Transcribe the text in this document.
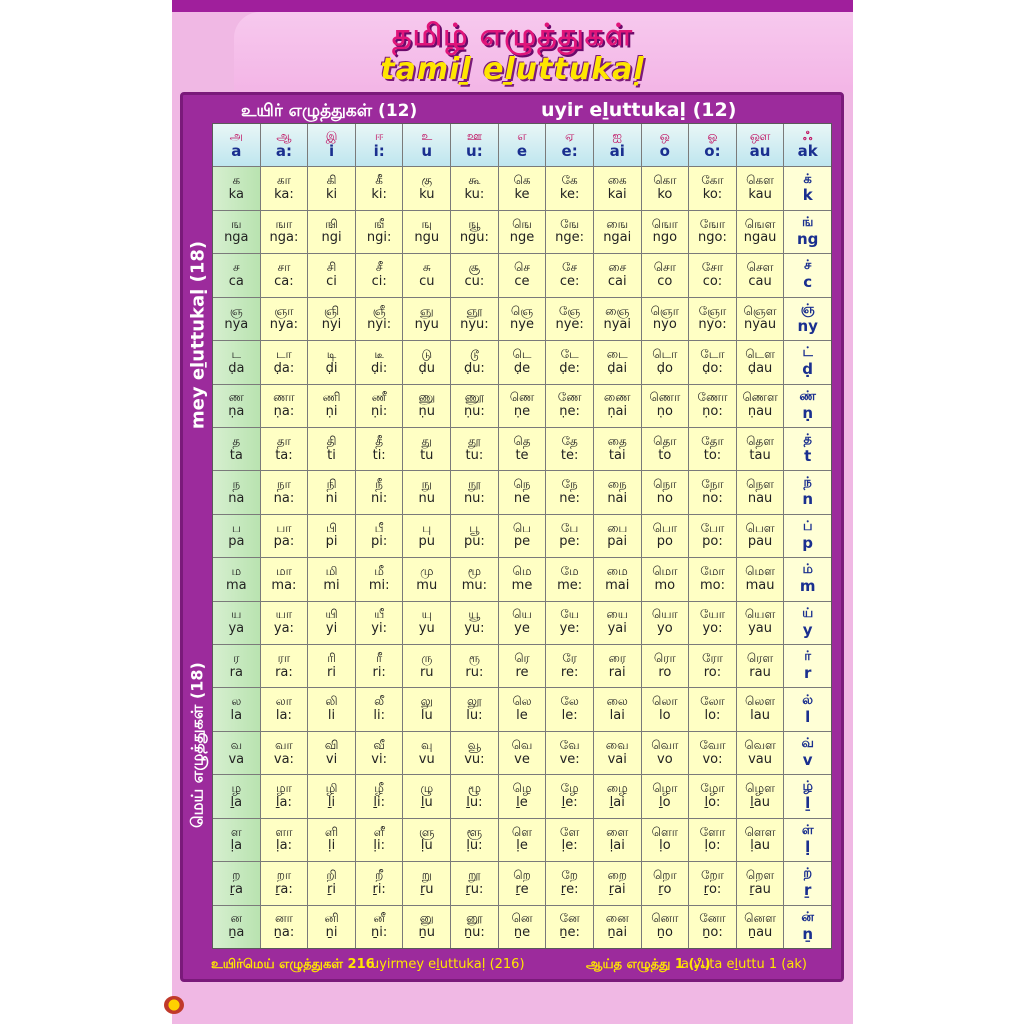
தமிழ் எழுத்துகள்
tamiḻ eḻuttukaḷ
உயிர் எழுத்துகள் (12)	uyir eḻuttukaḷ (12)
mey eḻuttukaḷ (18)
மெய் எழுத்துகள் (18)
அ
a
ஆ
a:
இ
i
ஈ
i:
உ
u
ஊ
u:
எ
e
ஏ
e:
ஐ
ai
ஒ
o
ஓ
o:
ஔ
au
ஃ
ak
க
ka
கா
ka:
கி
ki
கீ
ki:
கு
ku
கூ
ku:
கெ
ke
கே
ke:
கை
kai
கொ
ko
கோ
ko:
கௌ
kau
க்
k
ங
nga
ஙா
nga:
ஙி
ngi
ஙீ
ngi:
ஙு
ngu
ஙூ
ngu:
ஙெ
nge
ஙே
nge:
ஙை
ngai
ஙொ
ngo
ஙோ
ngo:
ஙௌ
ngau
ங்
ng
ச
ca
சா
ca:
சி
ci
சீ
ci:
சு
cu
சூ
cu:
செ
ce
சே
ce:
சை
cai
சொ
co
சோ
co:
சௌ
cau
ச்
c
ஞ
nya
ஞா
nya:
ஞி
nyi
ஞீ
nyi:
ஞு
nyu
ஞூ
nyu:
ஞெ
nye
ஞே
nye:
ஞை
nyai
ஞொ
nyo
ஞோ
nyo:
ஞௌ
nyau
ஞ்
ny
ட
ḍa
டா
ḍa:
டி
ḍi
டீ
ḍi:
டு
ḍu
டூ
ḍu:
டெ
ḍe
டே
ḍe:
டை
ḍai
டொ
ḍo
டோ
ḍo:
டௌ
ḍau
ட்
ḍ
ண
ṇa
ணா
ṇa:
ணி
ṇi
ணீ
ṇi:
ணு
ṇu
ணூ
ṇu:
ணெ
ṇe
ணே
ṇe:
ணை
ṇai
ணொ
ṇo
ணோ
ṇo:
ணௌ
ṇau
ண்
ṇ
த
ta
தா
ta:
தி
ti
தீ
ti:
து
tu
தூ
tu:
தெ
te
தே
te:
தை
tai
தொ
to
தோ
to:
தௌ
tau
த்
t
ந
na
நா
na:
நி
ni
நீ
ni:
நு
nu
நூ
nu:
நெ
ne
நே
ne:
நை
nai
நொ
no
நோ
no:
நௌ
nau
ந்
n
ப
pa
பா
pa:
பி
pi
பீ
pi:
பு
pu
பூ
pu:
பெ
pe
பே
pe:
பை
pai
பொ
po
போ
po:
பௌ
pau
ப்
p
ம
ma
மா
ma:
மி
mi
மீ
mi:
மு
mu
மூ
mu:
மெ
me
மே
me:
மை
mai
மொ
mo
மோ
mo:
மௌ
mau
ம்
m
ய
ya
யா
ya:
யி
yi
யீ
yi:
யு
yu
யூ
yu:
யெ
ye
யே
ye:
யை
yai
யொ
yo
யோ
yo:
யௌ
yau
ய்
y
ர
ra
ரா
ra:
ரி
ri
ரீ
ri:
ரு
ru
ரூ
ru:
ரெ
re
ரே
re:
ரை
rai
ரொ
ro
ரோ
ro:
ரௌ
rau
ர்
r
ல
la
லா
la:
லி
li
லீ
li:
லு
lu
லூ
lu:
லெ
le
லே
le:
லை
lai
லொ
lo
லோ
lo:
லௌ
lau
ல்
l
வ
va
வா
va:
வி
vi
வீ
vi:
வு
vu
வூ
vu:
வெ
ve
வே
ve:
வை
vai
வொ
vo
வோ
vo:
வௌ
vau
வ்
v
ழ
ḻa
ழா
ḻa:
ழி
ḻi
ழீ
ḻi:
ழு
ḻu
ழூ
ḻu:
ழெ
ḻe
ழே
ḻe:
ழை
ḻai
ழொ
ḻo
ழோ
ḻo:
ழௌ
ḻau
ழ்
ḻ
ள
ḷa
ளா
ḷa:
ளி
ḷi
ளீ
ḷi:
ளு
ḷu
ளூ
ḷu:
ளெ
ḷe
ளே
ḷe:
ளை
ḷai
ளொ
ḷo
ளோ
ḷo:
ளௌ
ḷau
ள்
ḷ
ற
ṟa
றா
ṟa:
றி
ṟi
றீ
ṟi:
று
ṟu
றூ
ṟu:
றெ
ṟe
றே
ṟe:
றை
ṟai
றொ
ṟo
றோ
ṟo:
றௌ
ṟau
ற்
ṟ
ன
ṉa
னா
ṉa:
னி
ṉi
னீ
ṉi:
னு
ṉu
னூ
ṉu:
னெ
ṉe
னே
ṉe:
னை
ṉai
னொ
ṉo
னோ
ṉo:
னௌ
ṉau
ன்
ṉ
உயிர்மெய் எழுத்துகள் 216
uyirmey eḻuttukaḷ (216)	ஆய்த எழுத்து 1 (ஃ)
a:yuta eḻuttu 1 (ak)
